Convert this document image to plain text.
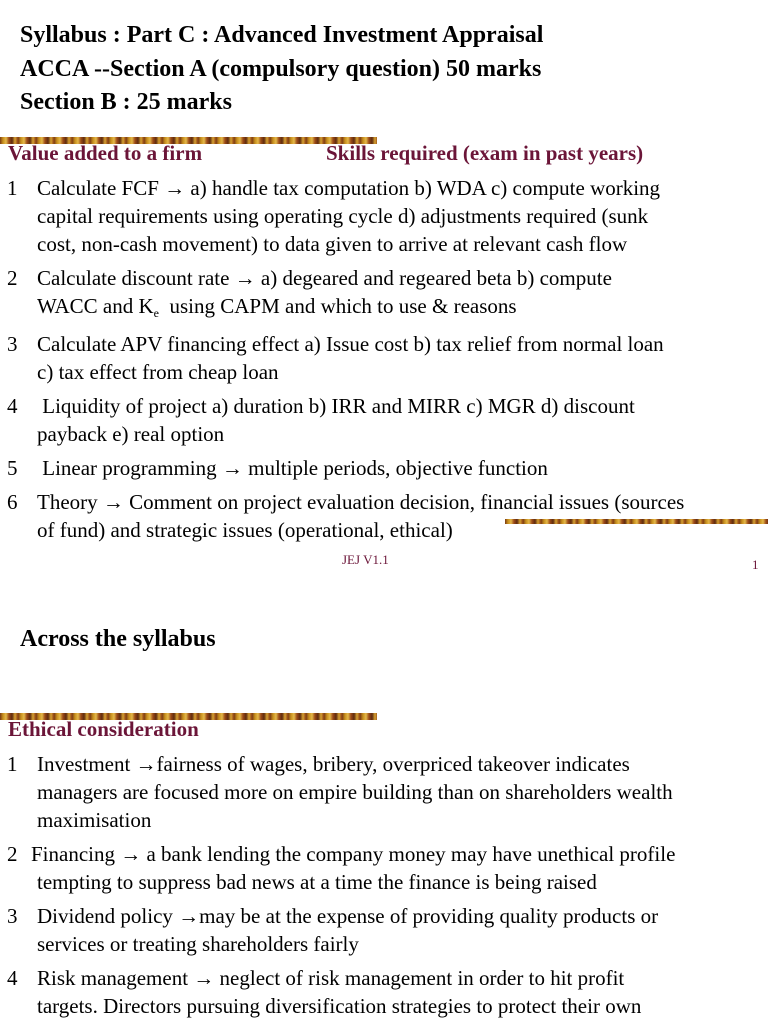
Syllabus : Part C : Advanced Investment Appraisal
ACCA --Section A (compulsory question) 50 marks
Section B : 25 marks
Value added to a firm	Skills required (exam in past years)
1 Calculate FCF → a) handle tax computation b) WDA c) compute working
capital requirements using operating cycle d) adjustments required (sunk
cost, non-cash movement) to data given to arrive at relevant cash flow
2 Calculate discount rate → a) degeared and regeared beta b) compute
WACC and $K_e$  using CAPM and which to use & reasons
3 Calculate APV financing effect a) Issue cost b) tax relief from normal loan
c) tax effect from cheap loan
4 Liquidity of project a) duration b) IRR and MIRR c) MGR d) discount
payback e) real option
5 Linear programming → multiple periods, objective function
6 Theory → Comment on project evaluation decision, financial issues (sources
of fund) and strategic issues (operational, ethical)
JEJ V1.1	1
Across the syllabus
Ethical consideration
1 Investment →fairness of wages, bribery, overpriced takeover indicates
managers are focused more on empire building than on shareholders wealth
maximisation
2 Financing → a bank lending the company money may have unethical profile
tempting to suppress bad news at a time the finance is being raised
3 Dividend policy →may be at the expense of providing quality products or
services or treating shareholders fairly
4 Risk management → neglect of risk management in order to hit profit
targets. Directors pursuing diversification strategies to protect their own
